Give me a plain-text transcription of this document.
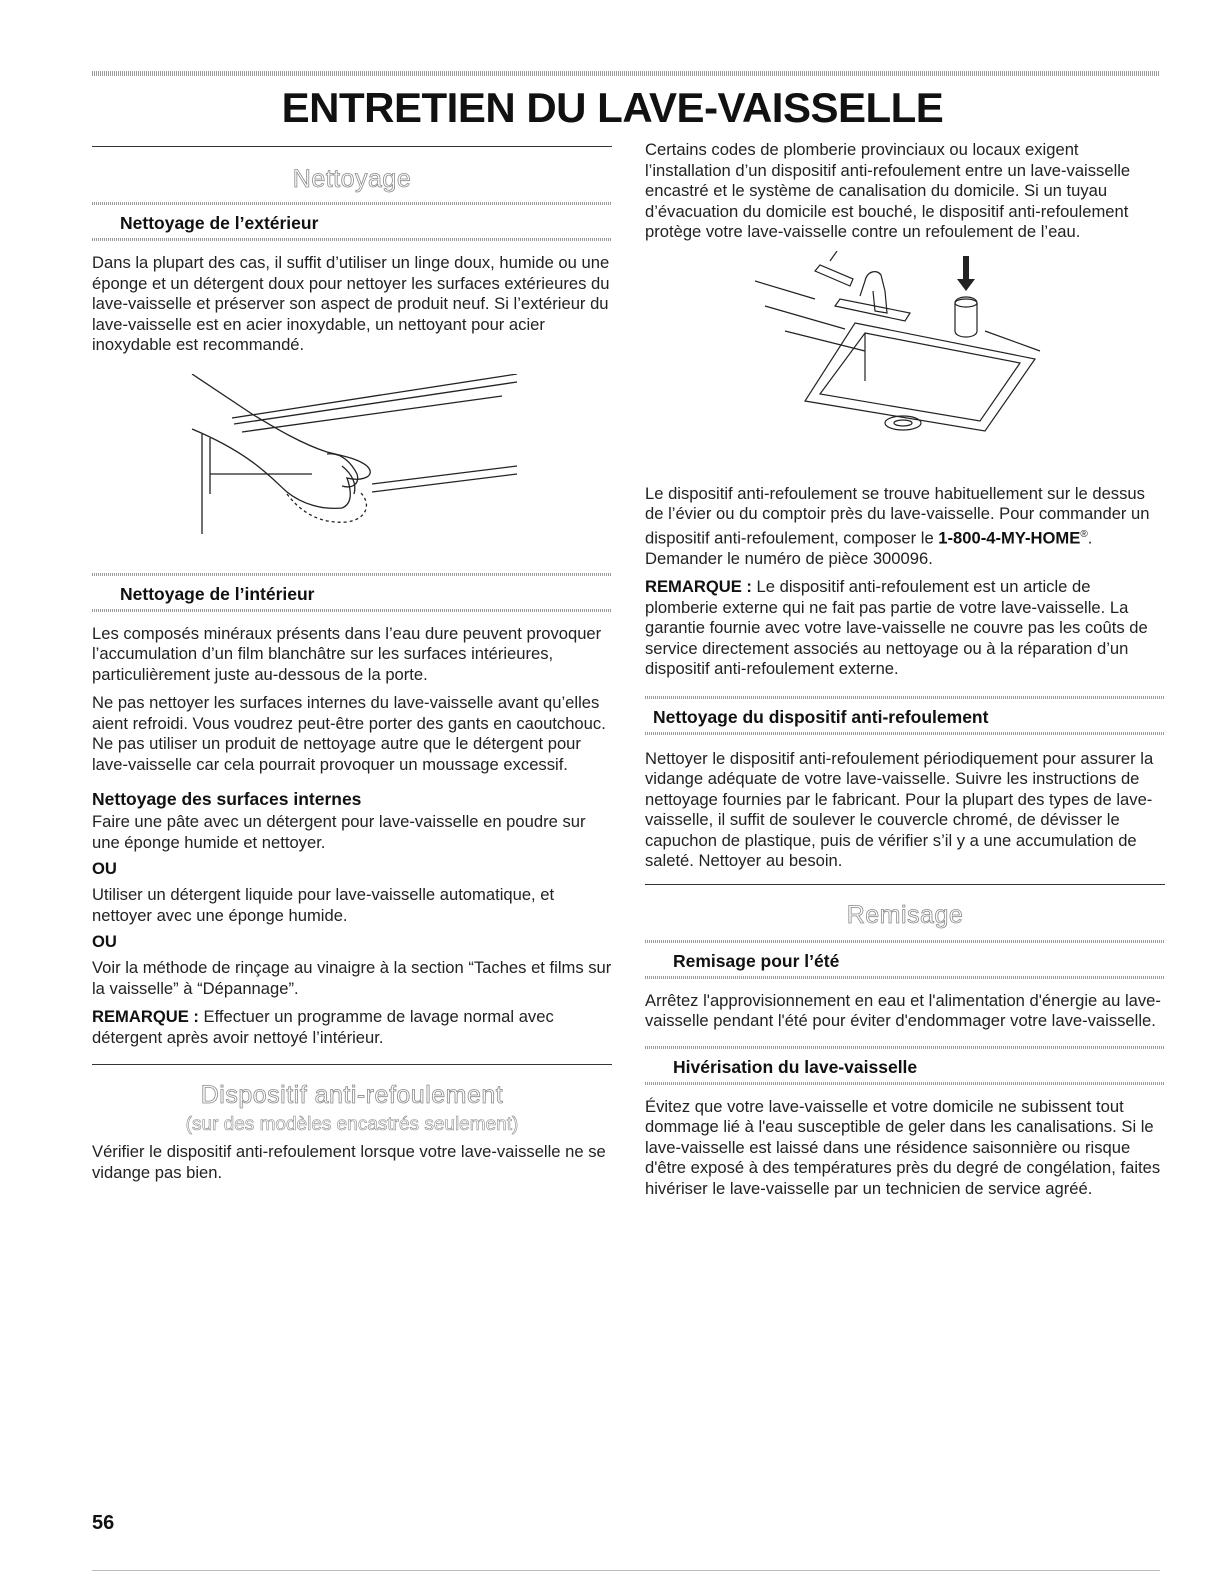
ENTRETIEN DU LAVE-VAISSELLE
Nettoyage
Nettoyage de l’extérieur

Dans la plupart des cas, il suffit d’utiliser un linge doux, humide ou une éponge et un détergent doux pour nettoyer les surfaces extérieures du lave-vaisselle et préserver son aspect de produit neuf. Si l’extérieur du lave-vaisselle est en acier inoxydable, un nettoyant pour acier inoxydable est recommandé.

Nettoyage de l’intérieur

Les composés minéraux présents dans l’eau dure peuvent provoquer l’accumulation d’un film blanchâtre sur les surfaces intérieures, particulièrement juste au-dessous de la porte.

Ne pas nettoyer les surfaces internes du lave-vaisselle avant qu’elles aient refroidi. Vous voudrez peut-être porter des gants en caoutchouc. Ne pas utiliser un produit de nettoyage autre que le détergent pour lave-vaisselle car cela pourrait provoquer un moussage excessif.

Nettoyage des surfaces internes

Faire une pâte avec un détergent pour lave-vaisselle en poudre sur une éponge humide et nettoyer.

OU

Utiliser un détergent liquide pour lave-vaisselle automatique, et nettoyer avec une éponge humide.

OU

Voir la méthode de rinçage au vinaigre à la section “Taches et films sur la vaisselle” à “Dépannage”.

REMARQUE : Effectuer un programme de lavage normal avec détergent après avoir nettoyé l’intérieur.

Dispositif anti-refoulement
(sur des modèles encastrés seulement)

Vérifier le dispositif anti-refoulement lorsque votre lave-vaisselle ne se vidange pas bien.

Certains codes de plomberie provinciaux ou locaux exigent l’installation d’un dispositif anti-refoulement entre un lave-vaisselle encastré et le système de canalisation du domicile. Si un tuyau d’évacuation du domicile est bouché, le dispositif anti-refoulement protège votre lave-vaisselle contre un refoulement de l’eau.

Le dispositif anti-refoulement se trouve habituellement sur le dessus de l’évier ou du comptoir près du lave-vaisselle. Pour commander un dispositif anti-refoulement, composer le 1-800-4-MY-HOME®. Demander le numéro de pièce 300096.

REMARQUE : Le dispositif anti-refoulement est un article de plomberie externe qui ne fait pas partie de votre lave-vaisselle. La garantie fournie avec votre lave-vaisselle ne couvre pas les coûts de service directement associés au nettoyage ou à la réparation d’un dispositif anti-refoulement externe.

Nettoyage du dispositif anti-refoulement

Nettoyer le dispositif anti-refoulement périodiquement pour assurer la vidange adéquate de votre lave-vaisselle. Suivre les instructions de nettoyage fournies par le fabricant. Pour la plupart des types de lave-vaisselle, il suffit de soulever le couvercle chromé, de dévisser le capuchon de plastique, puis de vérifier s’il y a une accumulation de saleté. Nettoyer au besoin.

Remisage
Remisage pour l’été

Arrêtez l'approvisionnement en eau et l'alimentation d'énergie au lave-vaisselle pendant l'été pour éviter d'endommager votre lave-vaisselle.

Hivérisation du lave-vaisselle

Évitez que votre lave-vaisselle et votre domicile ne subissent tout dommage lié à l'eau susceptible de geler dans les canalisations. Si le lave-vaisselle est laissé dans une résidence saisonnière ou risque d'être exposé à des températures près du degré de congélation, faites hivériser le lave-vaisselle par un technicien de service agréé.

56
